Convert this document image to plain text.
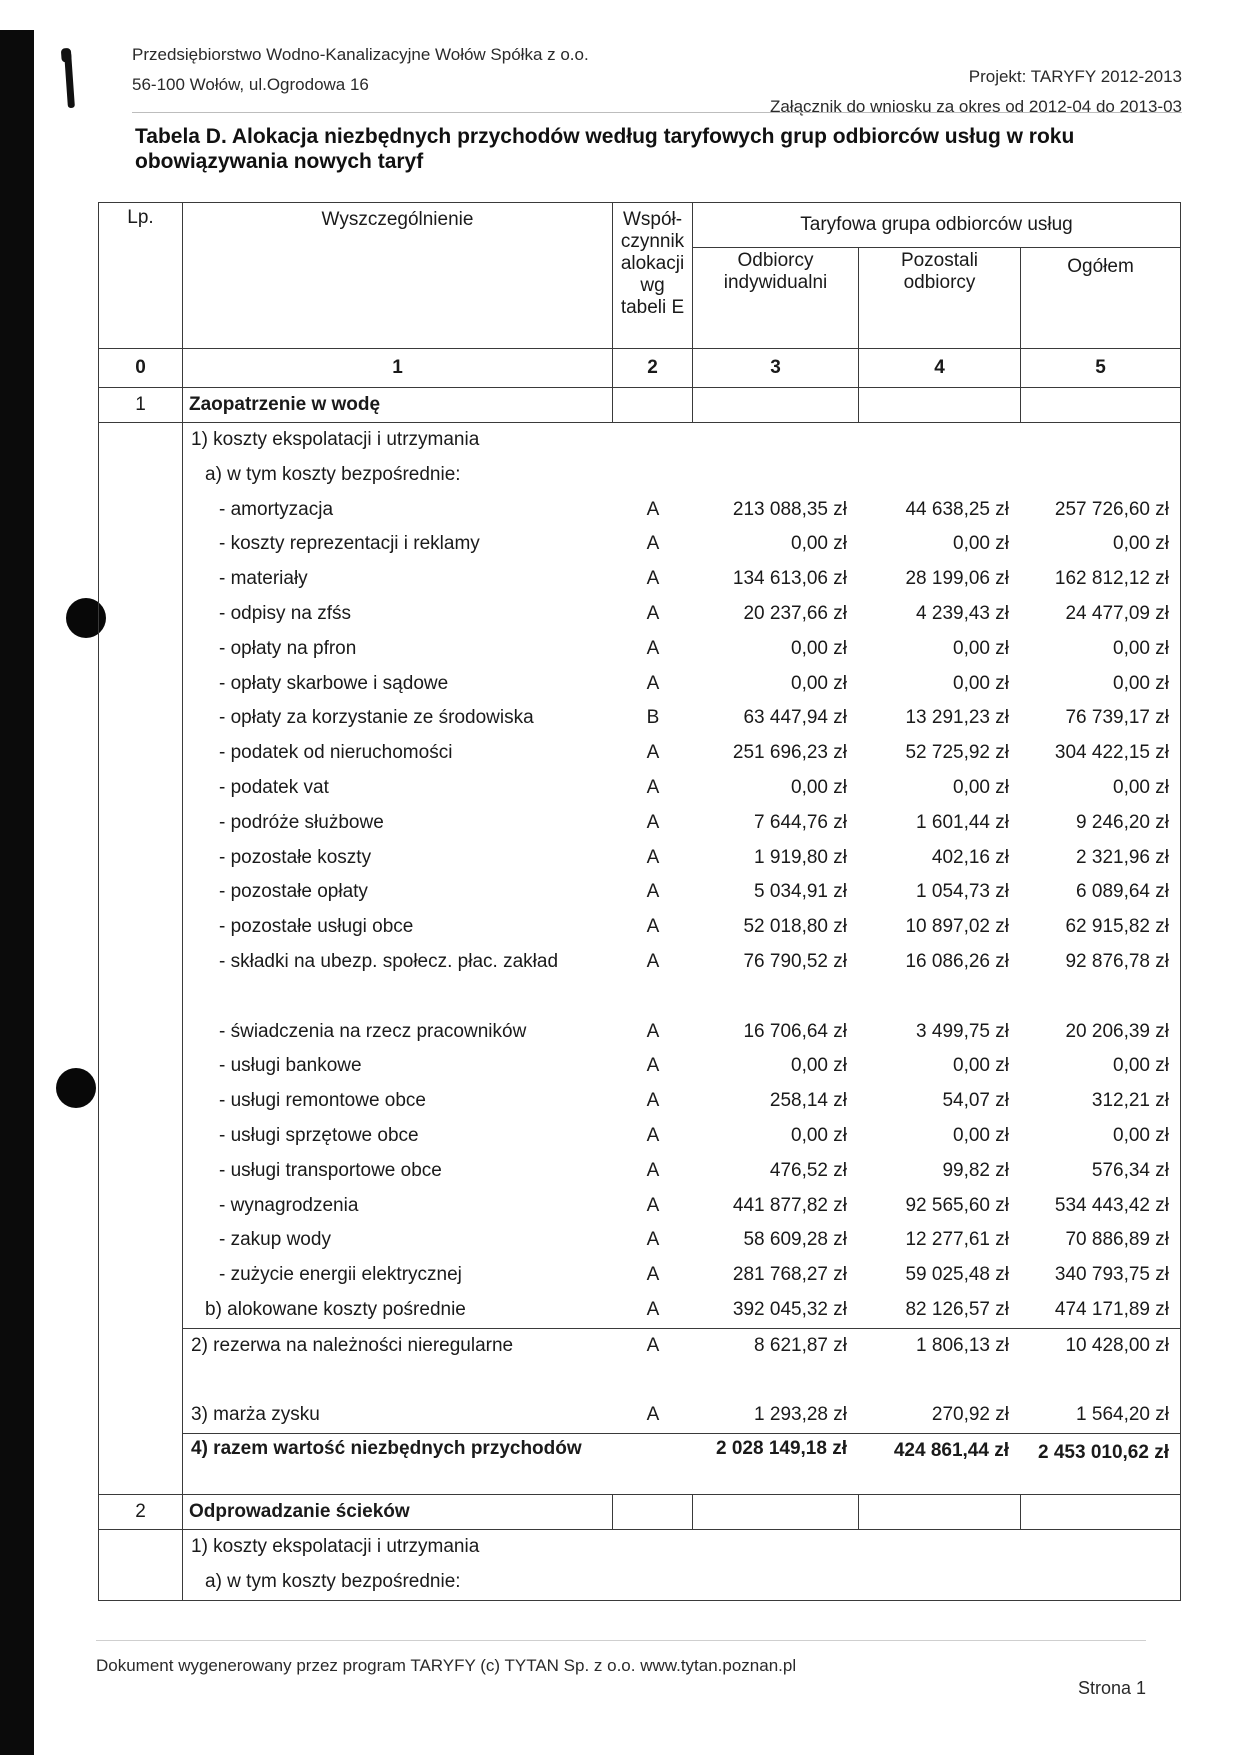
Przedsiębiorstwo Wodno-Kanalizacyjne Wołów Spółka z o.o.
56-100 Wołów, ul.Ogrodowa 16	Projekt: TARYFY 2012-2013
Załącznik do wniosku za okres od 2012-04 do 2013-03
Tabela D. Alokacja niezbędnych przychodów według taryfowych grup odbiorców usług w roku obowiązywania nowych taryf
Lp.	Wyszczególnienie	Współ-czynnik alokacji wg tabeli E	Taryfowa grupa odbiorców usług
Odbiorcy indywidualni	Pozostali odbiorcy	Ogółem
0	1	2	3	4	5
1	Zaopatrzenie w wodę				

1) koszty ekspolatacji i utrzymania				
a) w tym koszty bezpośrednie:				
- amortyzacja	A	213 088,35 zł	44 638,25 zł	257 726,60 zł
- koszty reprezentacji i reklamy	A	0,00 zł	0,00 zł	0,00 zł
- materiały	A	134 613,06 zł	28 199,06 zł	162 812,12 zł
- odpisy na zfśs	A	20 237,66 zł	4 239,43 zł	24 477,09 zł
- opłaty na pfron	A	0,00 zł	0,00 zł	0,00 zł
- opłaty skarbowe i sądowe	A	0,00 zł	0,00 zł	0,00 zł
- opłaty za korzystanie ze środowiska	B	63 447,94 zł	13 291,23 zł	76 739,17 zł
- podatek od nieruchomości	A	251 696,23 zł	52 725,92 zł	304 422,15 zł
- podatek vat	A	0,00 zł	0,00 zł	0,00 zł
- podróże służbowe	A	7 644,76 zł	1 601,44 zł	9 246,20 zł
- pozostałe koszty	A	1 919,80 zł	402,16 zł	2 321,96 zł
- pozostałe opłaty	A	5 034,91 zł	1 054,73 zł	6 089,64 zł
- pozostałe usługi obce	A	52 018,80 zł	10 897,02 zł	62 915,82 zł
- składki na ubezp. społecz. płac. zakład	A	76 790,52 zł	16 086,26 zł	92 876,78 zł

- świadczenia na rzecz pracowników	A	16 706,64 zł	3 499,75 zł	20 206,39 zł
- usługi bankowe	A	0,00 zł	0,00 zł	0,00 zł
- usługi remontowe obce	A	258,14 zł	54,07 zł	312,21 zł
- usługi sprzętowe obce	A	0,00 zł	0,00 zł	0,00 zł
- usługi transportowe obce	A	476,52 zł	99,82 zł	576,34 zł
- wynagrodzenia	A	441 877,82 zł	92 565,60 zł	534 443,42 zł
- zakup wody	A	58 609,28 zł	12 277,61 zł	70 886,89 zł
- zużycie energii elektrycznej	A	281 768,27 zł	59 025,48 zł	340 793,75 zł
b) alokowane koszty pośrednie	A	392 045,32 zł	82 126,57 zł	474 171,89 zł
2) rezerwa na należności nieregularne	A	8 621,87 zł	1 806,13 zł	10 428,00 zł

3) marża zysku	A	1 293,28 zł	270,92 zł	1 564,20 zł
4) razem wartość niezbędnych przychodów		2 028 149,18 zł	424 861,44 zł	2 453 010,62 zł

2	Odprowadzanie ścieków				

1) koszty ekspolatacji i utrzymania				
a) w tym koszty bezpośrednie:				
Dokument wygenerowany przez program TARYFY (c) TYTAN Sp. z o.o. www.tytan.poznan.pl
Strona 1
